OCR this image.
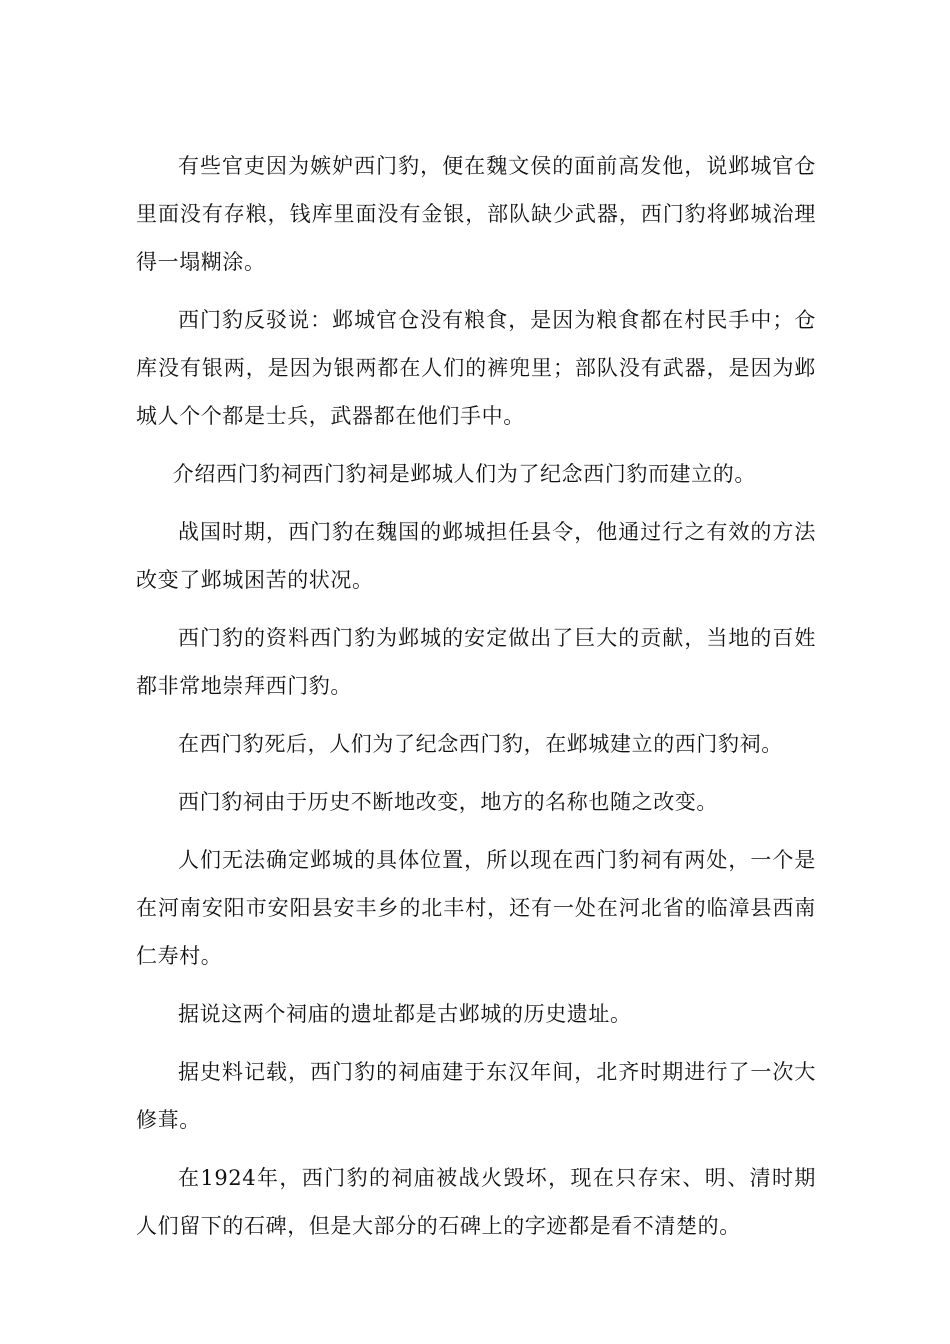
有些官吏因为嫉妒西门豹，便在魏文侯的面前高发他，说邺城官仓里面没有存粮，钱库里面没有金银，部队缺少武器，西门豹将邺城治理得一塌糊涂。

西门豹反驳说：邺城官仓没有粮食，是因为粮食都在村民手中；仓库没有银两，是因为银两都在人们的裤兜里；部队没有武器，是因为邺城人个个都是士兵，武器都在他们手中。

介绍西门豹祠西门豹祠是邺城人们为了纪念西门豹而建立的。

战国时期，西门豹在魏国的邺城担任县令，他通过行之有效的方法改变了邺城困苦的状况。

西门豹的资料西门豹为邺城的安定做出了巨大的贡献，当地的百姓都非常地崇拜西门豹。

在西门豹死后，人们为了纪念西门豹，在邺城建立的西门豹祠。

西门豹祠由于历史不断地改变，地方的名称也随之改变。

人们无法确定邺城的具体位置，所以现在西门豹祠有两处，一个是在河南安阳市安阳县安丰乡的北丰村，还有一处在河北省的临漳县西南仁寿村。

据说这两个祠庙的遗址都是古邺城的历史遗址。

据史料记载，西门豹的祠庙建于东汉年间，北齐时期进行了一次大修葺。

在1924年，西门豹的祠庙被战火毁坏，现在只存宋、明、清时期人们留下的石碑，但是大部分的石碑上的字迹都是看不清楚的。
